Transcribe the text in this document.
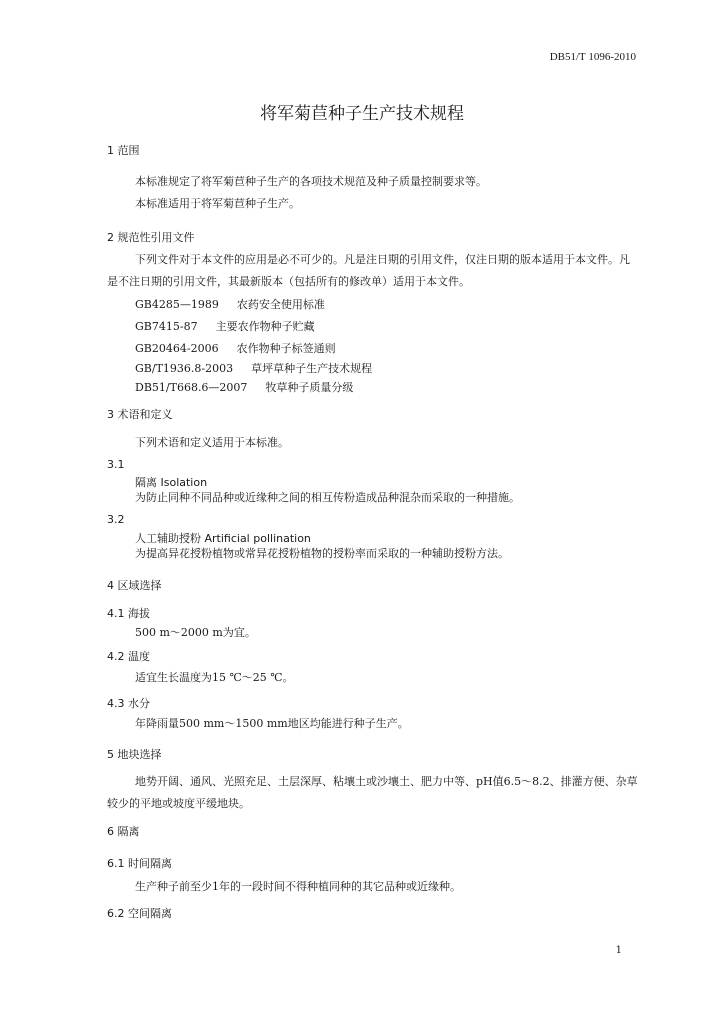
DB51/T 1096-2010
将军菊苣种子生产技术规程
1 范围
本标准规定了将军菊苣种子生产的各项技术规范及种子质量控制要求等。
本标准适用于将军菊苣种子生产。
2 规范性引用文件
下列文件对于本文件的应用是必不可少的。凡是注日期的引用文件，仅注日期的版本适用于本文件。凡是不注日期的引用文件，其最新版本（包括所有的修改单）适用于本文件。
GB4285—1989 农药安全使用标准
GB7415-87 主要农作物种子贮藏
GB20464-2006 农作物种子标签通则
GB/T1936.8-2003 草坪草种子生产技术规程
DB51/T668.6—2007 牧草种子质量分级
3 术语和定义
下列术语和定义适用于本标准。
3.1
隔离 Isolation
为防止同种不同品种或近缘种之间的相互传粉造成品种混杂而采取的一种措施。
3.2
人工辅助授粉 Artificial pollination
为提高异花授粉植物或常异花授粉植物的授粉率而采取的一种辅助授粉方法。
4 区域选择
4.1 海拔
500 m～2000 m为宜。
4.2 温度
适宜生长温度为15 ℃～25 ℃。
4.3 水分
年降雨量500 mm～1500 mm地区均能进行种子生产。
5 地块选择
地势开阔、通风、光照充足、土层深厚、粘壤土或沙壤土、肥力中等、pH值6.5～8.2、排灌方便、杂草较少的平地或坡度平缓地块。
6 隔离
6.1 时间隔离
生产种子前至少1年的一段时间不得种植同种的其它品种或近缘种。
6.2 空间隔离
1
